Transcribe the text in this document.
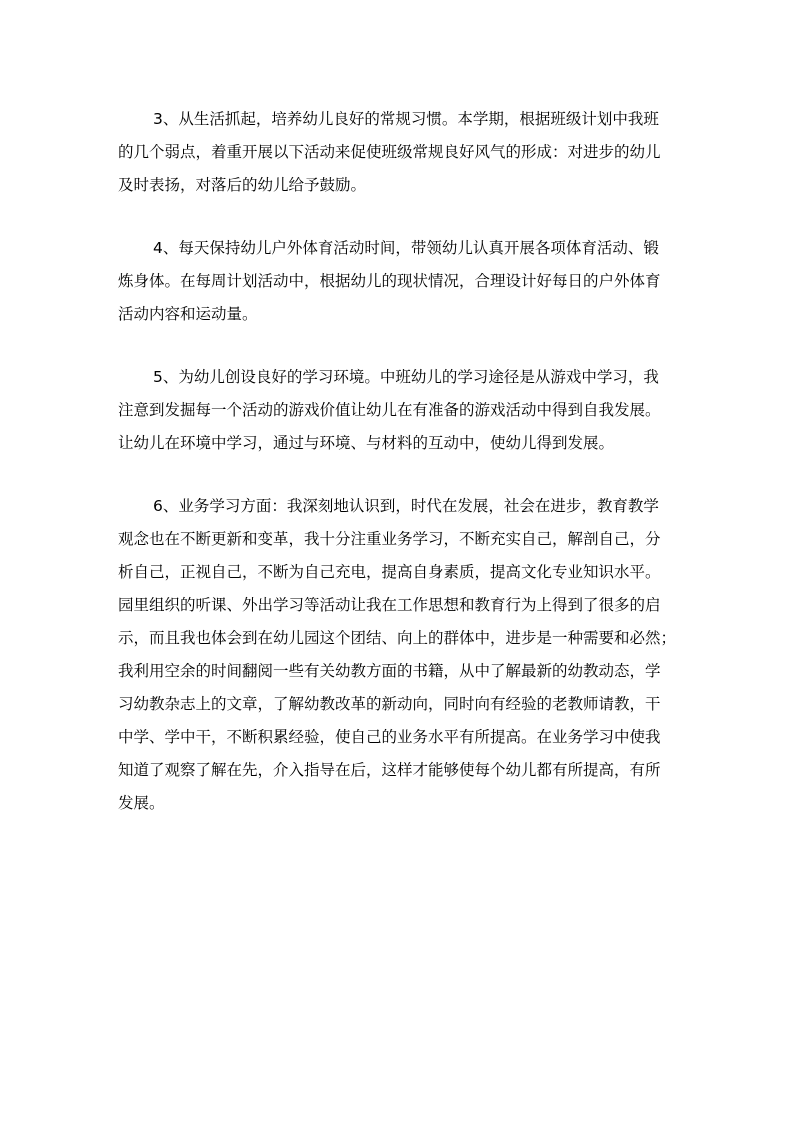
3、从生活抓起，培养幼儿良好的常规习惯。本学期，根据班级计划中我班
的几个弱点，着重开展以下活动来促使班级常规良好风气的形成：对进步的幼儿
及时表扬，对落后的幼儿给予鼓励。
4、每天保持幼儿户外体育活动时间，带领幼儿认真开展各项体育活动、锻
炼身体。在每周计划活动中，根据幼儿的现状情况，合理设计好每日的户外体育
活动内容和运动量。
5、为幼儿创设良好的学习环境。中班幼儿的学习途径是从游戏中学习，我
注意到发掘每一个活动的游戏价值让幼儿在有准备的游戏活动中得到自我发展。
让幼儿在环境中学习，通过与环境、与材料的互动中，使幼儿得到发展。
6、业务学习方面：我深刻地认识到，时代在发展，社会在进步，教育教学
观念也在不断更新和变革，我十分注重业务学习，不断充实自己，解剖自己，分
析自己，正视自己，不断为自己充电，提高自身素质，提高文化专业知识水平。
园里组织的听课、外出学习等活动让我在工作思想和教育行为上得到了很多的启
示，而且我也体会到在幼儿园这个团结、向上的群体中，进步是一种需要和必然；
我利用空余的时间翻阅一些有关幼教方面的书籍，从中了解最新的幼教动态，学
习幼教杂志上的文章，了解幼教改革的新动向，同时向有经验的老教师请教，干
中学、学中干，不断积累经验，使自己的业务水平有所提高。在业务学习中使我
知道了观察了解在先，介入指导在后，这样才能够使每个幼儿都有所提高，有所
发展。
